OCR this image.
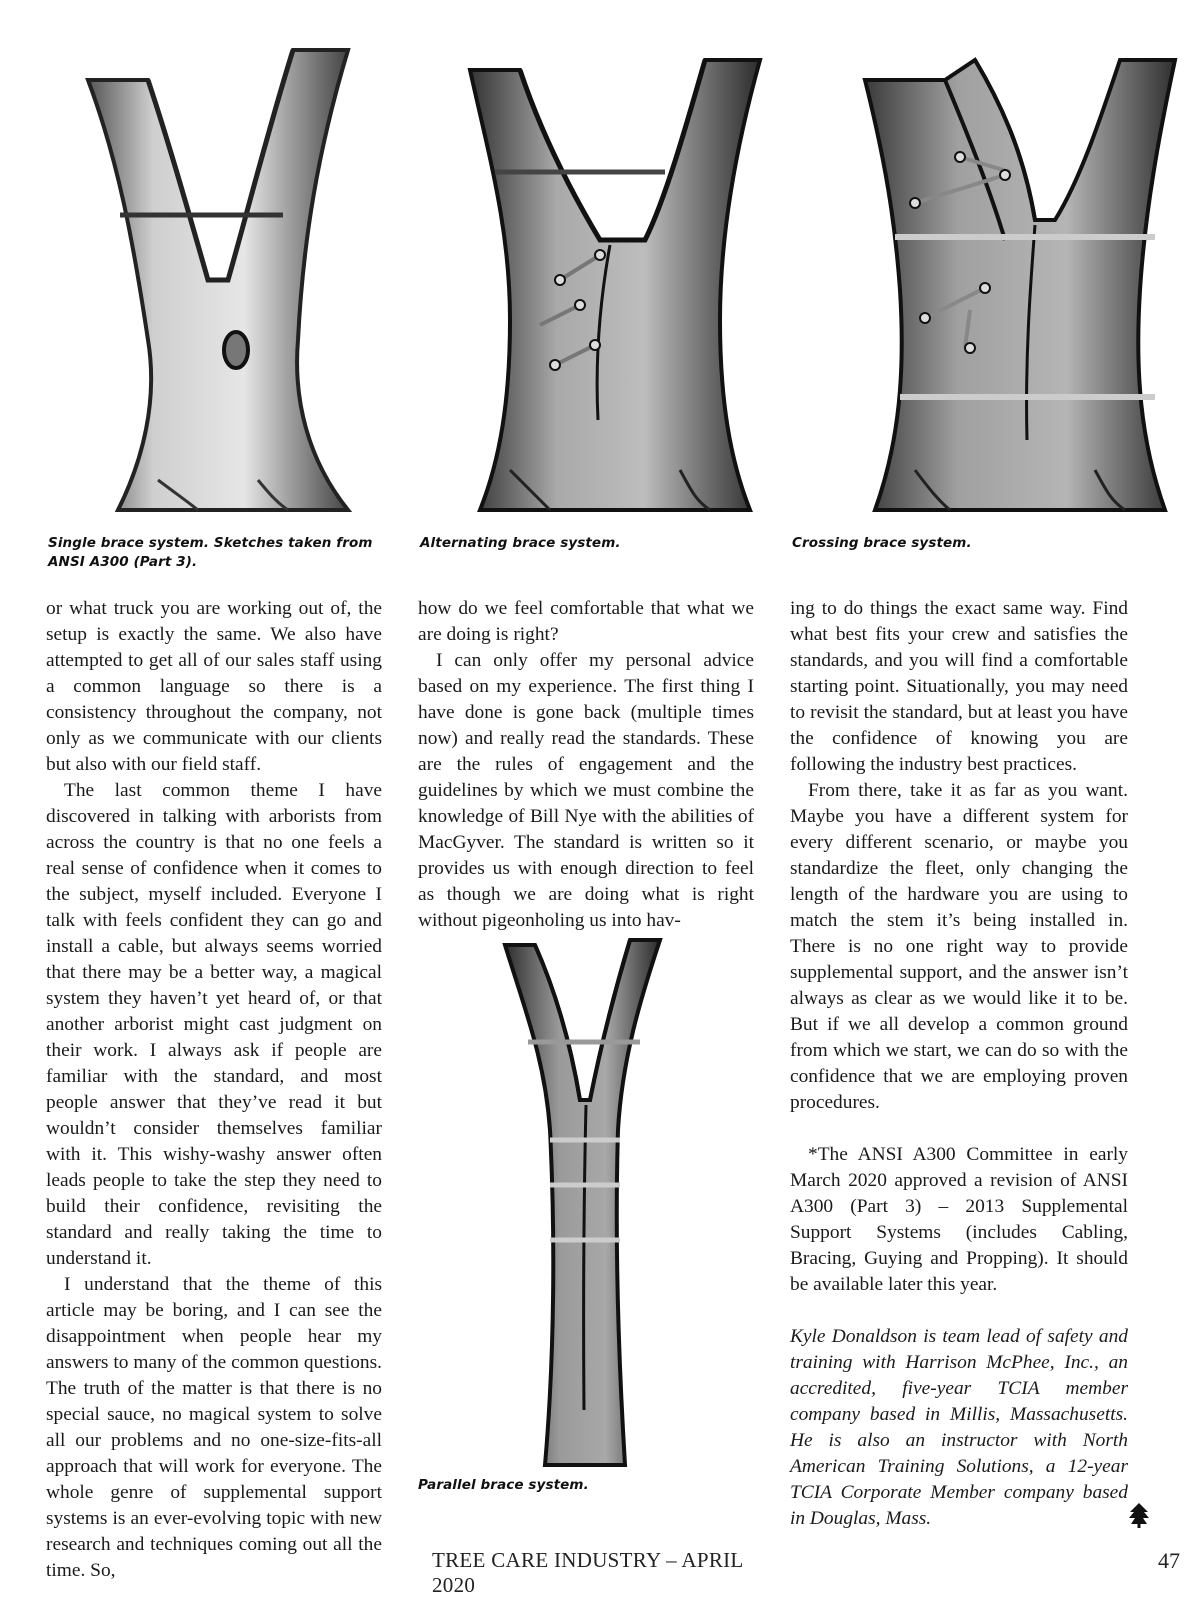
Single brace system. Sketches taken from ANSI A300 (Part 3).
Alternating brace system.	Crossing brace system.

or what truck you are working out of, the setup is exactly the same. We also have attempted to get all of our sales staff using a common language so there is a consistency throughout the company, not only as we communicate with our clients but also with our field staff.

The last common theme I have discovered in talking with arborists from across the country is that no one feels a real sense of confidence when it comes to the subject, myself included. Everyone I talk with feels confident they can go and install a cable, but always seems worried that there may be a better way, a magical system they haven’t yet heard of, or that another arborist might cast judgment on their work. I always ask if people are familiar with the standard, and most people answer that they’ve read it but wouldn’t consider themselves familiar with it. This wishy-washy answer often leads people to take the step they need to build their confidence, revisiting the standard and really taking the time to understand it.

I understand that the theme of this article may be boring, and I can see the disappointment when people hear my answers to many of the common questions. The truth of the matter is that there is no special sauce, no magical system to solve all our problems and no one-size-fits-all approach that will work for everyone. The whole genre of supplemental support systems is an ever-evolving topic with new research and techniques coming out all the time. So,

how do we feel comfortable that what we are doing is right?

I can only offer my personal advice based on my experience. The first thing I have done is gone back (multiple times now) and really read the standards. These are the rules of engagement and the guidelines by which we must combine the knowledge of Bill Nye with the abilities of MacGyver. The standard is written so it provides us with enough direction to feel as though we are doing what is right without pigeonholing us into hav-

Parallel brace system.

ing to do things the exact same way. Find what best fits your crew and satisfies the standards, and you will find a comfortable starting point. Situationally, you may need to revisit the standard, but at least you have the confidence of knowing you are following the industry best practices.

From there, take it as far as you want. Maybe you have a different system for every different scenario, or maybe you standardize the fleet, only changing the length of the hardware you are using to match the stem it’s being installed in. There is no one right way to provide supplemental support, and the answer isn’t always as clear as we would like it to be. But if we all develop a common ground from which we start, we can do so with the confidence that we are employing proven procedures.

*The ANSI A300 Committee in early March 2020 approved a revision of ANSI A300 (Part 3) – 2013 Supplemental Support Systems (includes Cabling, Bracing, Guying and Propping). It should be available later this year.

Kyle Donaldson is team lead of safety and training with Harrison McPhee, Inc., an accredited, five-year TCIA member company based in Millis, Massachusetts. He is also an instructor with North American Training Solutions, a 12-year TCIA Corporate Member company based in Douglas, Mass.

TREE CARE INDUSTRY – APRIL 2020
47
